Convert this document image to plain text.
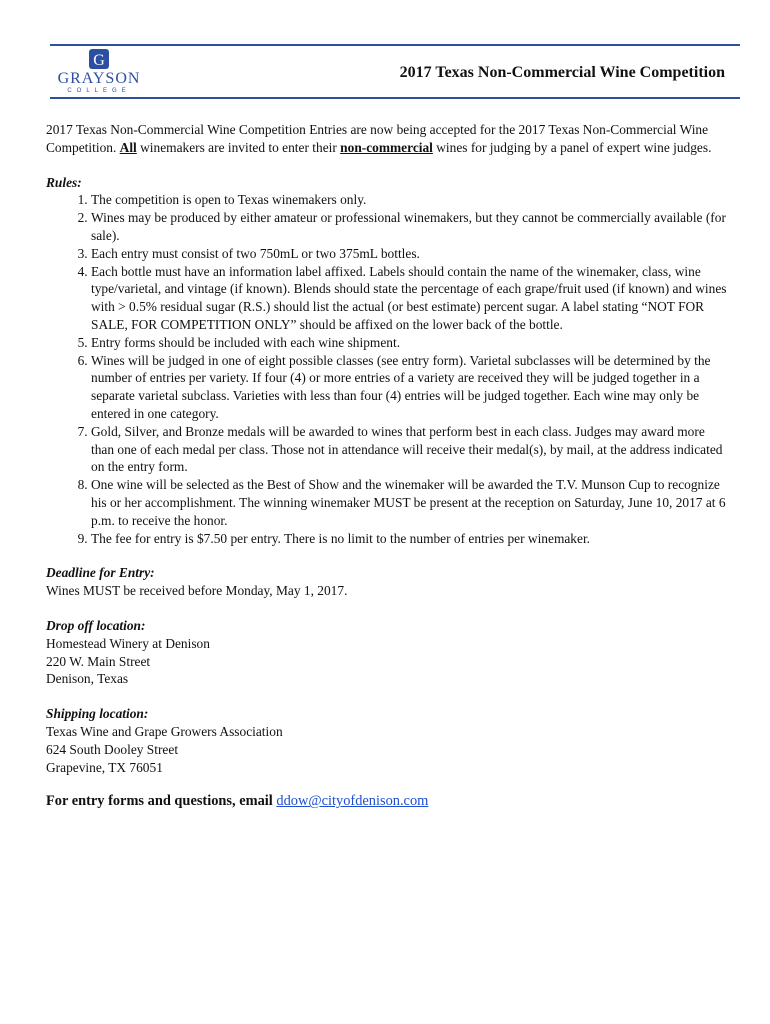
G
GRAYSON
COLLEGE
2017 Texas Non-Commercial Wine Competition

2017 Texas Non-Commercial Wine Competition Entries are now being accepted for the 2017 Texas Non-Commercial Wine Competition. All winemakers are invited to enter their non-commercial wines for judging by a panel of expert wine judges.

Rules:

1. The competition is open to Texas winemakers only.
2. Wines may be produced by either amateur or professional winemakers, but they cannot be commercially available (for sale).
3. Each entry must consist of two 750mL or two 375mL bottles.
4. Each bottle must have an information label affixed. Labels should contain the name of the winemaker, class, wine type/varietal, and vintage (if known). Blends should state the percentage of each grape/fruit used (if known) and wines with > 0.5% residual sugar (R.S.) should list the actual (or best estimate) percent sugar. A label stating “NOT FOR SALE, FOR COMPETITION ONLY” should be affixed on the lower back of the bottle.
5. Entry forms should be included with each wine shipment.
6. Wines will be judged in one of eight possible classes (see entry form). Varietal subclasses will be determined by the number of entries per variety. If four (4) or more entries of a variety are received they will be judged together in a separate varietal subclass. Varieties with less than four (4) entries will be judged together. Each wine may only be entered in one category.
7. Gold, Silver, and Bronze medals will be awarded to wines that perform best in each class. Judges may award more than one of each medal per class. Those not in attendance will receive their medal(s), by mail, at the address indicated on the entry form.
8. One wine will be selected as the Best of Show and the winemaker will be awarded the T.V. Munson Cup to recognize his or her accomplishment. The winning winemaker MUST be present at the reception on Saturday, June 10, 2017 at 6 p.m. to receive the honor.
9. The fee for entry is $7.50 per entry. There is no limit to the number of entries per winemaker.

Deadline for Entry:

Wines MUST be received before Monday, May 1, 2017.

Drop off location:

Homestead Winery at Denison

220 W. Main Street

Denison, Texas

Shipping location:

Texas Wine and Grape Growers Association

624 South Dooley Street

Grapevine, TX 76051

For entry forms and questions, email ddow@cityofdenison.com
